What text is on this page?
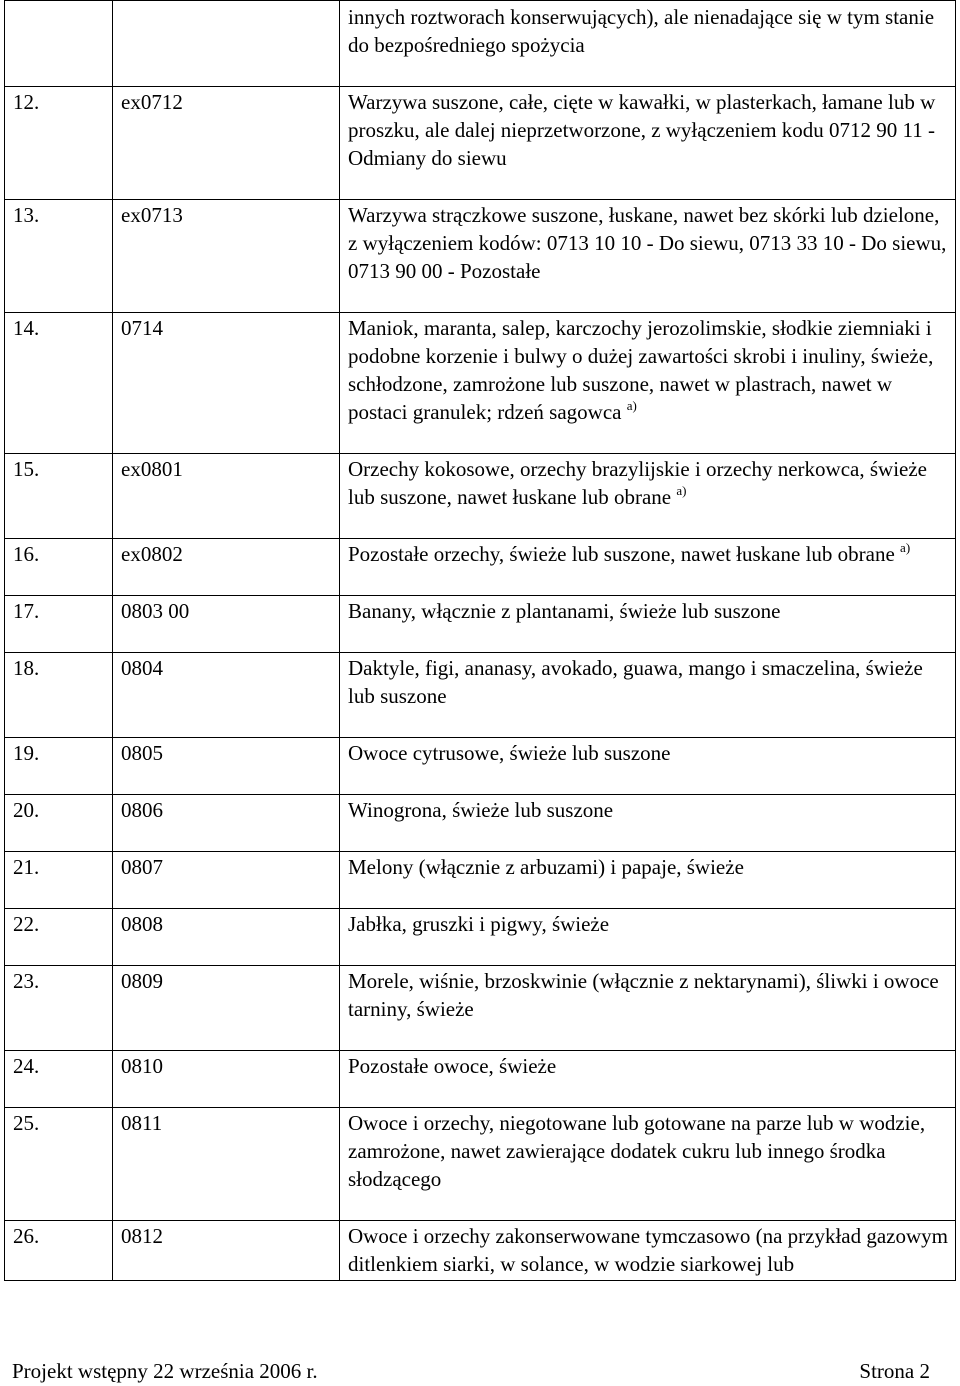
		innych roztworach konserwujących), ale nienadające się w tym stanie do bezpośredniego spożycia
12.	ex0712	Warzywa suszone, całe, cięte w kawałki, w plasterkach, łamane lub w proszku, ale dalej nieprzetworzone, z wyłączeniem kodu 0712 90 11 - Odmiany do siewu
13.	ex0713	Warzywa strączkowe suszone, łuskane, nawet bez skórki lub dzielone, z wyłączeniem kodów: 0713 10 10 - Do siewu, 0713 33 10 - Do siewu, 0713 90 00 - Pozostałe
14.	0714	Maniok, maranta, salep, karczochy jerozolimskie, słodkie ziemniaki i podobne korzenie i bulwy o dużej zawartości skrobi i inuliny, świeże, schłodzone, zamrożone lub suszone, nawet w plastrach, nawet w postaci granulek; rdzeń sagowca $^{a)}$
15.	ex0801	Orzechy kokosowe, orzechy brazylijskie i orzechy nerkowca, świeże lub suszone, nawet łuskane lub obrane $^{a)}$
16.	ex0802	Pozostałe orzechy, świeże lub suszone, nawet łuskane lub obrane $^{a)}$
17.	0803 00	Banany, włącznie z plantanami, świeże lub suszone
18.	0804	Daktyle, figi, ananasy, avokado, guawa, mango i smaczelina, świeże lub suszone
19.	0805	Owoce cytrusowe, świeże lub suszone
20.	0806	Winogrona, świeże lub suszone
21.	0807	Melony (włącznie z arbuzami) i papaje, świeże
22.	0808	Jabłka, gruszki i pigwy, świeże
23.	0809	Morele, wiśnie, brzoskwinie (włącznie z nektarynami), śliwki i owoce tarniny, świeże
24.	0810	Pozostałe owoce, świeże
25.	0811	Owoce i orzechy, niegotowane lub gotowane na parze lub w wodzie, zamrożone, nawet zawierające dodatek cukru lub innego środka słodzącego
26.	0812	Owoce i orzechy zakonserwowane tymczasowo (na przykład gazowym ditlenkiem siarki, w solance, w wodzie siarkowej lub
Projekt wstępny 22 września 2006 r.	Strona 2
